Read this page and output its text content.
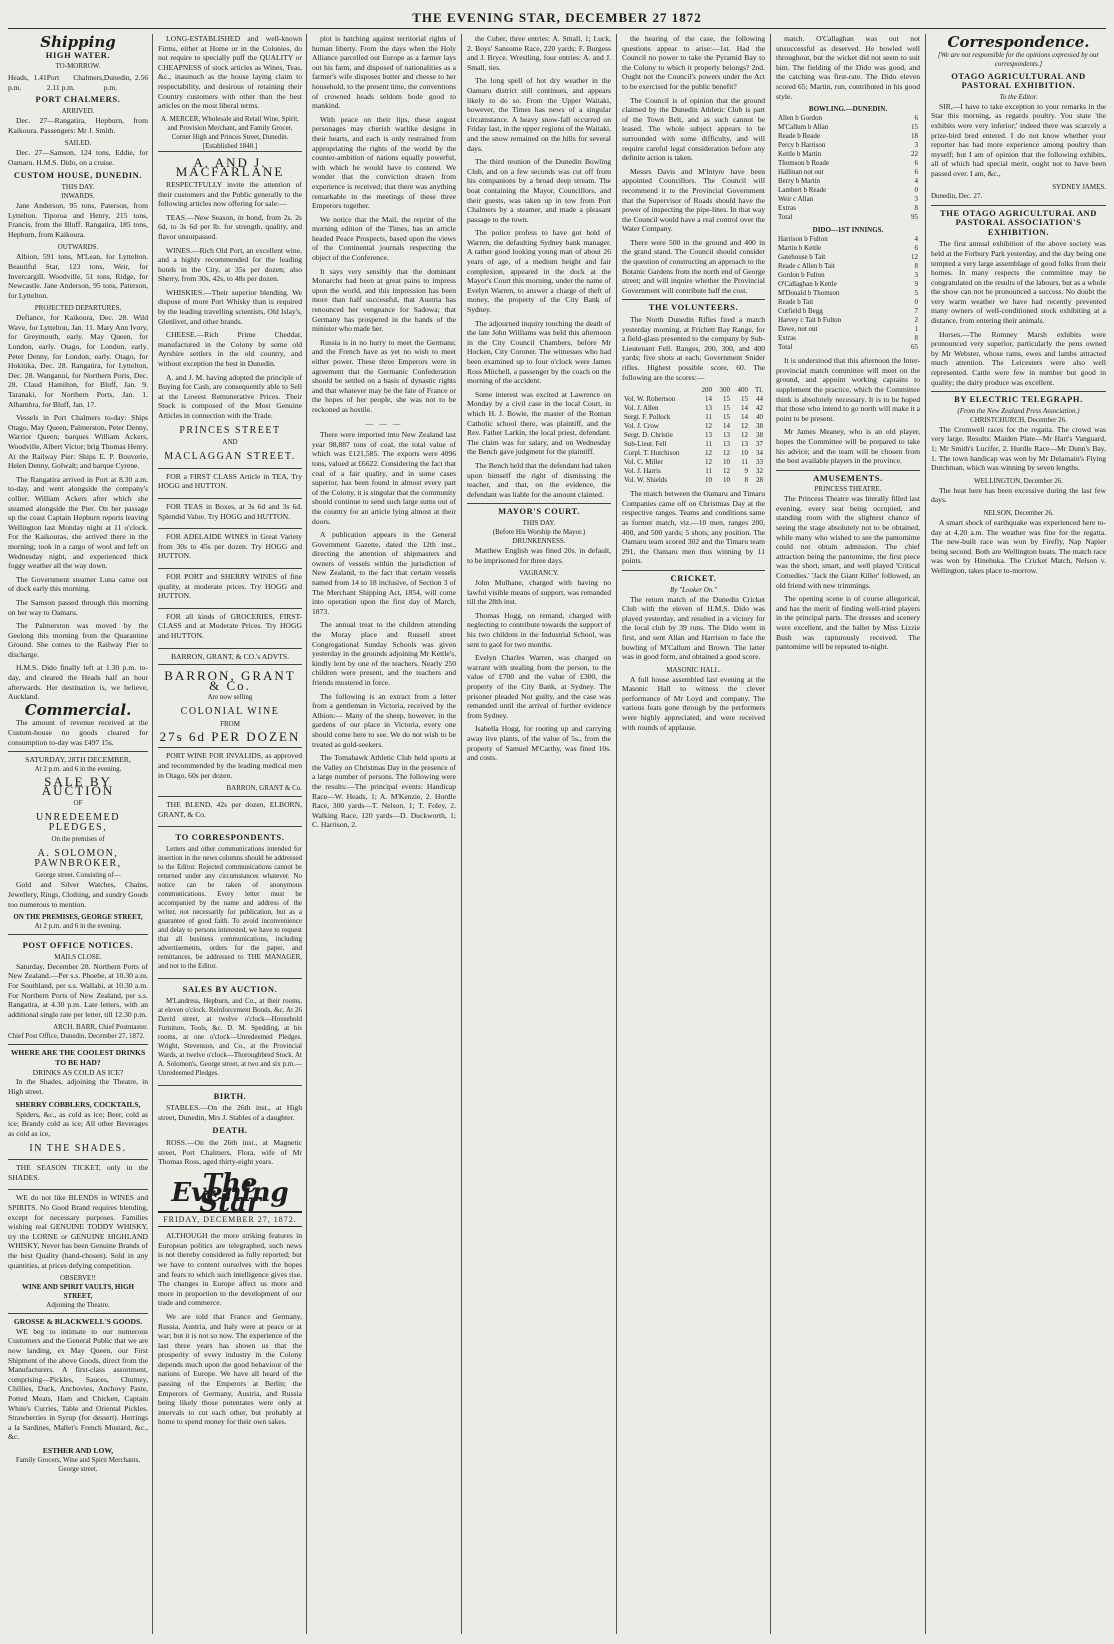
THE EVENING STAR, DECEMBER 27 1872
Shipping
HIGH WATER.
TO-MORROW.
Heads, 1.41 p.m.
Port Chalmers, 2.11 p.m.
Dunedin, 2.56 p.m.
PORT CHALMERS.
ARRIVED.

Dec. 27—Rangatira, Hepburn, from Kaikoura. Passengers: Mr J. Smith.

SAILED.

Dec. 27—Samson, 124 tons, Eddie, for Oamaru. H.M.S. Dido, on a cruise.

CUSTOM HOUSE, DUNEDIN.
THIS DAY.
INWARDS.

Jane Anderson, 95 tons, Paterson, from Lyttelton. Tiporoa and Henry, 215 tons, Francis, from the Bluff. Rangatira, 185 tons, Hepburn, from Kaikoura.

OUTWARDS.

Albion, 591 tons, M'Lean, for Lyttelton. Beautiful Star, 123 tons, Weir, for Invercargill. Woodville, 51 tons, Ridge, for Newcastle. Jane Anderson, 95 tons, Paterson, for Lyttelton.

PROJECTED DEPARTURES.

Defiance, for Kaikoura, Dec. 28. Wild Wave, for Lyttelton, Jan. 11. Mary Ann Ivory, for Greymouth, early. May Queen, for London, early. Otago, for London, early. Peter Denny, for London, early. Otago, for Hokitika, Dec. 28. Rangatira, for Lyttelton, Dec. 28. Wanganui, for Northern Ports, Dec. 28. Claud Hamilton, for Bluff, Jan. 9. Taranaki, for Northern Ports, Jan. 1. Alhambra, for Bluff, Jan. 17.

Vessels in Port Chalmers to-day: Ships Otago, May Queen, Palmerston, Peter Denny, Warrior Queen; barques William Ackers, Woodville, Albert Victor; brig Thomas Henry. At the Railway Pier: Ships E. P. Bouverie, Helen Denny, Golwalt; and barque Cyrene.

The Rangatira arrived in Port at 8.30 a.m. to-day, and went alongside the company's collier. William Ackers after which she steamed alongside the Pier. On her passage up the coast Captain Hepburn reports leaving Wellington last Monday night at 11 o'clock. For the Kaikouras, she arrived there in the morning; took in a cargo of wool and left on Wednesday night, and experienced thick foggy weather all the way down.

The Government steamer Luna came out of dock early this morning.

The Samson passed through this morning on her way to Oamaru.

The Palmerston was moved by the Geelong this morning from the Quarantine Ground. She comes to the Railway Pier to discharge.

H.M.S. Dido finally left at 1.30 p.m. to-day, and cleared the Heads half an hour afterwards. Her destination is, we believe, Auckland.

Commercial.

The amount of revenue received at the Custom-house no goods cleared for consumption to-day was £497 15s.

SATURDAY, 28TH DECEMBER,
At 2 p.m. and 6 in the evening.
SALE BY AUCTION
OF
UNREDEEMED PLEDGES,
On the premises of
A. SOLOMON, PAWNBROKER,
George street. Consisting of—

Gold and Silver Watches, Chains, Jewellery, Rings, Clothing, and sundry Goods too numerous to mention.

ON THE PREMISES, GEORGE STREET,
At 2 p.m. and 6 in the evening.
POST OFFICE NOTICES.
MAILS CLOSE.

Saturday, December 28. Northern Ports of New Zealand.—Per s.s. Phoebe, at 10.30 a.m. For Southland, per s.s. Wallabi, at 10.30 a.m. For Northern Ports of New Zealand, per s.s. Rangatira, at 4.30 p.m. Late letters, with an additional single rate per letter, till 12.30 p.m.

ARCH. BARR, Chief Postmaster.
Chief Post Office, Dunedin, December 27, 1872.
WHERE ARE THE COOLEST DRINKS TO BE HAD?
DRINKS AS COLD AS ICE?

In the Shades, adjoining the Theatre, in High street.

SHERRY COBBLERS, COCKTAILS,

Spiders, &c., as cold as ice; Beer, cold as ice; Brandy cold as ice; All other Beverages as cold as ice,

IN THE SHADES.

THE SEASON TICKET, only in the SHADES.

WE do not like BLENDS in WINES and SPIRITS. No Good Brand requires blending, except for necessary purposes. Families wishing real GENUINE TODDY WHISKY, try the LORNE or GENUINE HIGHLAND WHISKY, Never has been Genuine Brands of the best Quality (hand-chosen). Sold in any quantities, at prices defying competition.

OBSERVE!!
WINE AND SPIRIT VAULTS, HIGH STREET,
Adjoining the Theatre.
GROSSE & BLACKWELL'S GOODS.

WE beg to intimate to our numerous Customers and the General Public that we are now landing, ex May Queen, our First Shipment of the above Goods, direct from the Manufacturers. A first-class assortment, comprising—Pickles, Sauces, Chutney, Chillies, Duck, Anchovies, Anchovy Paste, Potted Meats, Ham and Chicken, Captain White's Curries, Table and Oriental Pickles. Strawberries in Syrup (for dessert). Herrings a la Sardines, Mallet's French Mustard, &c., &c.

ESTHER AND LOW,
Family Grocers, Wine and Spirit Merchants, George street.

LONG-ESTABLISHED and well-known Firms, either at Home or in the Colonies, do not require to specially puff the QUALITY or CHEAPNESS of stock articles as Wines, Teas, &c., inasmuch as the house laying claim to respectability, and desirous of retaining their Country customers with other than the best articles on the most liberal terms.

A. MERCER, Wholesale and Retail Wine, Spirit, and Provision Merchant, and Family Grocer, Corner High and Princes Street, Dunedin.
[Established 1848.]
A. AND J. MACFARLANE

RESPECTFULLY invite the attention of their customers and the Public generally to the following articles now offering for sale:—

TEAS.—New Season, in bond, from 2s. 2s 6d, to 3s 6d per lb. for strength, quality, and flavor unsurpassed.

WINES.—Rich Old Port, an excellent wine, and a highly recommended for the leading hotels in the City, at 35s per dozen; also Sherry, from 30s, 42s, to 48s per dozen.

WHISKIES.—Their superior blending. We dispose of more Port Whisky than is required by the leading travelling scientists, Old Islay's, Glenlivet, and other brands.

CHEESE.—Rich Prime Cheddar, manufactured in the Colony by some old Ayrshire settlers in the old country, and without exception the best in Dunedin.

A. and J. M. having adopted the principle of Buying for Cash, are consequently able to Sell at the Lowest Remunerative Prices. Their Stock is composed of the Most Genuine Articles in connection with the Trade.

PRINCES STREET
AND
MACLAGGAN STREET.

FOR a FIRST CLASS Article in TEA, Try HOGG and HUTTON.

FOR TEAS in Boxes, at 3s 6d and 3s 6d. Splendid Value. Try HOGG and HUTTON.

FOR ADELAIDE WINES in Great Variety from 30s to 45s per dozen. Try HOGG and HUTTON.

FOR PORT and SHERRY WINES of fine quality, at moderate prices. Try HOGG and HUTTON.

FOR all kinds of GROCERIES, FIRST-CLASS and at Moderate Prices. Try HOGG and HUTTON.

BARRON, GRANT, & CO.'s ADVTS.
BARRON, GRANT & Co.
Are now selling
COLONIAL WINE
FROM
27s 6d PER DOZEN

PORT WINE FOR INVALIDS, as approved and recommended by the leading medical men in Otago, 60s per dozen.

BARRON, GRANT & Co.

THE BLEND, 42s per dozen, ELBORN, GRANT, & Co.

TO CORRESPONDENTS.

Letters and other communications intended for insertion in the news columns should be addressed to the Editor. Rejected communications cannot be returned under any circumstances whatever. No notice can be taken of anonymous communications. Every letter must be accompanied by the name and address of the writer, not necessarily for publication, but as a guarantee of good faith. To avoid inconvenience and delay to persons interested, we have to request that all business communications, including advertisements, orders for the paper, and remittances, be addressed to THE MANAGER, and not to the Editor.

SALES BY AUCTION.

M'Landress, Hepburn, and Co., at their rooms, at eleven o'clock. Reinforcement Bonds, &c. At 26 David street, at twelve o'clock—Household Furniture, Tools, &c. D. M. Spedding, at his rooms, at one o'clock—Unredeemed Pledges. Wright, Stevenson, and Co., at the Provincial Wards, at twelve o'clock—Thoroughbred Stock. At A. Solomon's, George street, at two and six p.m.—Unredeemed Pledges.

BIRTH.

STABLES.—On the 26th inst., at High street, Dunedin, Mrs J. Stables of a daughter.

DEATH.

ROSS.—On the 26th inst., at Magnetic street, Port Chalmers, Flora, wife of Mr Thomas Ross, aged thirty-eight years.

The Evening Star
FRIDAY, DECEMBER 27, 1872.

ALTHOUGH the more striking features in European politics are telegraphed, such news is not thereby considered as fully reported; but we have to content ourselves with the hopes and fears to which such intelligence gives rise. The changes in Europe affect us more and more in proportion to the development of our trade and commerce.

We are told that France and Germany, Russia, Austria, and Italy were at peace or at war; but it is not so now. The experience of the last three years has shown us that the prosperity of every industry in the Colony depends much upon the good behaviour of the nations of Europe. We have all heard of the passing of the Emperors at Berlin; the Emperors of Germany, Austria, and Russia being likely those potentates were only at intervals to cut each other, but probably at home to spend money for their own sakes.

plot is hatching against territorial rights of human liberty. From the days when the Holy Alliance parcelled out Europe as a farmer lays out his farm, and disposed of nationalities as a farmer's wife disposes butter and cheese to her household, to the present time, the conventions of crowned heads seldom bode good to mankind.

With peace on their lips, these august personages may cherish warlike designs in their hearts, and each is only restrained from appropriating the rights of the world by the counter-ambition of nations equally powerful, with which he would have to contend. We wonder that the conviction drawn from experience is received; that there was anything remarkable in the meetings of these three Emperors together.

We notice that the Mail, the reprint of the morning edition of the Times, has an article headed Peace Prospects, based upon the views of the Continental journals respecting the object of the Conference.

It says very sensibly that the dominant Monarchs had been at great pains to impress upon the world, and this impression has been more than half successful, that Austria has renounced her vengeance for Sadowa; that Germany has prospered in the hands of the minister who made her.

Russia is in no hurry to meet the Germans; and the French have as yet no wish to meet either power. These three Emperors were in agreement that the Germanic Confederation should be settled on a basis of dynastic rights and that whatever may be the fate of France or the hopes of her people, she was not to be reckoned as hostile.

— — —

There were imported into New Zealand last year 98,887 tons of coal, the total value of which was £121,585. The exports were 4096 tons, valued at £6622. Considering the fact that coal of a fair quality, and in some cases superior, has been found in almost every part of the Colony, it is singular that the community should continue to send such large sums out of the country for an article lying almost at their doors.

A publication appears in the General Government Gazette, dated the 12th inst., directing the attention of shipmasters and owners of vessels within the jurisdiction of New Zealand, to the fact that certain vessels named from 14 to 18 inclusive, of Section 3 of The Merchant Shipping Act, 1854, will come into operation upon the first day of March, 1873.

The annual treat to the children attending the Moray place and Russell street Congregational Sunday Schools was given yesterday in the grounds adjoining Mr Kettle's, kindly lent by one of the teachers. Nearly 250 children were present, and the teachers and friends mustered in force.

The following is an extract from a letter from a gentleman in Victoria, received by the Albion:— Many of the sheep, however, in the gardens of our place in Victoria, every one should come here to see. We do not wish to be treated as gold-seekers.

The Tomahawk Athletic Club held sports at the Valley on Christmas Day in the presence of a large number of persons. The following were the results:—The principal events: Handicap Race—W. Heads, 1; A. M'Kenzie, 2. Hurdle Race, 300 yards—T. Nelson, 1; T. Foley, 2. Walking Race, 120 yards—D. Duckworth, 1; C. Harrison, 2.

the Cuber, three entries: A. Small, 1; Luck, 2. Boys' Sansome Race, 220 yards: F. Burgess and J. Bryce. Wrestling, four entries: A. and J. Small, ties.

The long spell of hot dry weather in the Oamaru district still continues, and appears likely to do so. From the Upper Waitaki, however, the Times has news of a singular circumstance. A heavy snow-fall occurred on Friday last, in the upper regions of the Waitaki, and the snow remained on the hills for several days.

The third reunion of the Dunedin Bowling Club, and on a few seconds was cut off from his companions by a broad deep stream. The boat containing the Mayor, Councillors, and their guests, was taken up in tow from Port Chalmers by a steamer, and made a pleasant passage to the town.

The police profess to have got hold of Warren, the defaulting Sydney bank manager. A rather good looking young man of about 26 years of age, of a medium height and fair complexion, appeared in the dock at the Mayor's Court this morning, under the name of Evelyn Warren, to answer a charge of theft of money, the property of the City Bank of Sydney.

The adjourned inquiry touching the death of the late John Williams was held this afternoon in the City Council Chambers, before Mr Hocken, City Coroner. The witnesses who had been examined up to four o'clock were James Ross Mitchell, a passenger by the coach on the morning of the accident.

Some interest was excited at Lawrence on Monday by a civil case in the local Court, in which H. J. Bowie, the master of the Roman Catholic school there, was plaintiff, and the Rev. Father Larkin, the local priest, defendant. The claim was for salary, and on Wednesday the Bench gave judgment for the plaintiff.

The Bench held that the defendant had taken upon himself the right of dismissing the teacher, and that, on the evidence, the defendant was liable for the amount claimed.

MAYOR'S COURT.
THIS DAY.
(Before His Worship the Mayor.)
DRUNKENNESS.

Matthew English was fined 20s. in default, to be imprisoned for three days.

VAGRANCY.

John Mulhane, charged with having no lawful visible means of support, was remanded till the 28th inst.

Thomas Hogg, on remand, charged with neglecting to contribute towards the support of his two children in the Industrial School, was sent to gaol for two months.

Evelyn Charles Warren, was charged on warrant with stealing from the person, to the value of £700 and the value of £300, the property of the City Bank, at Sydney. The prisoner pleaded Not guilty, and the case was remanded until the arrival of further evidence from Sydney.

Isabella Hogg, for rooting up and carrying away live plants, of the value of 5s., from the property of Samuel M'Carthy, was fined 10s. and costs.

the hearing of the case, the following questions appear to arise:—1st. Had the Council no power to take the Pyramid Bay to the Colony to which it properly belongs? 2nd. Ought not the Council's powers under the Act to be exercised for the public benefit?

The Council is of opinion that the ground claimed by the Dunedin Athletic Club is part of the Town Belt, and as such cannot be leased. The whole subject appears to be surrounded with some difficulty, and will require careful legal consideration before any definite action is taken.

Messrs Davis and M'Intyre have been appointed Councillors. The Council will recommend it to the Provincial Government that the Supervisor of Roads should have the power of inspecting the pipe-lines. In that way the Council would have a real control over the Water Company.

There were 500 in the ground and 400 in the grand stand. The Council should consider the question of constructing an approach to the Botanic Gardens from the north end of George street; and will inquire whether the Provincial Government will contribute half the cost.

THE VOLUNTEERS.

The North Dunedin Rifles fired a match yesterday morning, at Frichett Bay Range, for a field-glass presented to the company by Sub-Lieutenant Fell. Ranges, 200, 300, and 400 yards; five shots at each; Government Snider rifles. Highest possible score, 60. The following are the scores:—

	200	300	400	Tl.
Vol. W. Robertson	14	15	15	44
Vol. J. Allen	13	15	14	42
Sergt. F. Pollock	11	15	14	40
Vol. J. Crow	12	14	12	38
Sergt. D. Christie	13	13	12	38
Sub-Lieut. Fell	11	13	13	37
Corpl. T. Hutchison	12	12	10	34
Vol. C. Miller	12	10	11	33
Vol. J. Harris	11	12	9	32
Vol. W. Shields	10	10	8	28

The match between the Oamaru and Timaru Companies came off on Christmas Day at the respective ranges. Teams and conditions same as former match, viz.—10 men, ranges 200, 400, and 500 yards; 5 shots, any position. The Oamaru team scored 302 and the Timaru team 291, the Oamaru men thus winning by 11 points.

CRICKET.
By "Looker On."

The return match of the Dunedin Cricket Club with the eleven of H.M.S. Dido was played yesterday, and resulted in a victory for the local club by 39 runs. The Dido went in first, and sent Allan and Harrison to face the bowling of M'Callum and Brown. The latter was in good form, and obtained a good score.

MASONIC HALL.

A full house assembled last evening at the Masonic Hall to witness the clever performance of Mr Loyd and company. The various feats gone through by the performers were highly appreciated, and were received with rounds of applause.

match. O'Callaghan was out not unsuccessful as deserved. He bowled well throughout, but the wicket did not seem to suit him. The fielding of the Dido was good, and the catching was first-rate. The Dido eleven scored 65; Martin, run, contributed in his good style.

BOWLING.—DUNEDIN.
Allen b Gordon	6
M'Callum b Allan	15
Reade b Reade	18
Percy b Harrison	3
Kettle b Martin	22
Thomson b Reade	6
Hallinan not out	6
Berry b Martin	4
Lambert b Reade	0
Weir c Allan	3
Extras	8
Total	95
DIDO—1ST INNINGS.
Harrison b Fulton	4
Martin b Kettle	6
Gatehouse b Tait	12
Reade c Allen b Tait	8
Gordon b Fulton	3
O'Callaghan b Kettle	9
M'Donald b Thomson	5
Reade b Tait	0
Cutfield b Begg	7
Harvey c Tait b Fulton	2
Dawe, not out	1
Extras	8
Total	65

It is understood that this afternoon the Inter-provincial match committee will meet on the ground, and appoint working captains to supplement the practice, which the Committee think is absolutely necessary. It is to be hoped that those who intend to go north will make it a point to be present.

Mr James Meaney, who is an old player, hopes the Committee will be prepared to take his advice; and the team will be chosen from the best available players in the province.

AMUSEMENTS.
PRINCESS THEATRE.

The Princess Theatre was literally filled last evening, every seat being occupied, and standing room with the slightest chance of seeing the stage absolutely not to be obtained, while many who wished to see the pantomime could not obtain admission. The chief attraction being the pantomime, the first piece was the short, smart, and well played 'Critical Comedies.' 'Jack the Giant Killer' followed, an old friend with new trimmings.

The opening scene is of course allegorical, and has the merit of finding well-tried players in the principal parts. The dresses and scenery were excellent, and the ballet by Miss Lizzie Bush was rapturously received. The pantomime will be repeated to-night.

Correspondence.
[We are not responsible for the opinions expressed by our correspondents.]
OTAGO AGRICULTURAL AND PASTORAL EXHIBITION.
To the Editor.

SIR,—I have to take exception to your remarks in the Star this morning, as regards poultry. You state 'the exhibits were very inferior;' indeed there was scarcely a prize-bird bred entered. I do not know whether your reporter has had more experience among poultry than myself; but I am of opinion that the following exhibits, all of which had special merit, ought not to have been passed over. I am, &c.,

SYDNEY JAMES.
Dunedin, Dec. 27.
THE OTAGO AGRICULTURAL AND PASTORAL ASSOCIATION'S EXHIBITION.

The first annual exhibition of the above society was held at the Forbury Park yesterday, and the day being one tempted a very large assemblage of good folks from their homes. In many respects the committee may be congratulated on the results of the labours, but as a whole the show can not be pronounced a success. No doubt the very warm weather we have had recently prevented many owners of well-conditioned stock exhibiting at a distance, from entering their animals.

Horses.—The Romney Marsh exhibits were pronounced very superior, particularly the pens owned by Mr Webster, whose rams, ewes and lambs attracted much attention. The Leicesters were also well represented. Cattle were few in number but good in quality; the dairy produce was excellent.

BY ELECTRIC TELEGRAPH.
(From the New Zealand Press Association.)
CHRISTCHURCH, December 26.

The Cromwell races for the regatta. The crowd was very large. Results: Maiden Plate—Mr Hart's Vanguard, 1; Mr Smith's Lucifer, 2. Hurdle Race—Mr Dunn's Bay, 1. The town handicap was won by Mr Delamain's Flying Dutchman, which was winning by seven lengths.

WELLINGTON, December 26.

The heat here has been excessive during the last few days.

NELSON, December 26.

A smart shock of earthquake was experienced here to-day at 4.20 a.m. The weather was fine for the regatta. The new-built race was won by Firefly, Nap Napier being second. Both are Wellington boats. The match race was won by Hinehuka. The Cricket Match, Nelson v. Wellington, takes place to-morrow.
